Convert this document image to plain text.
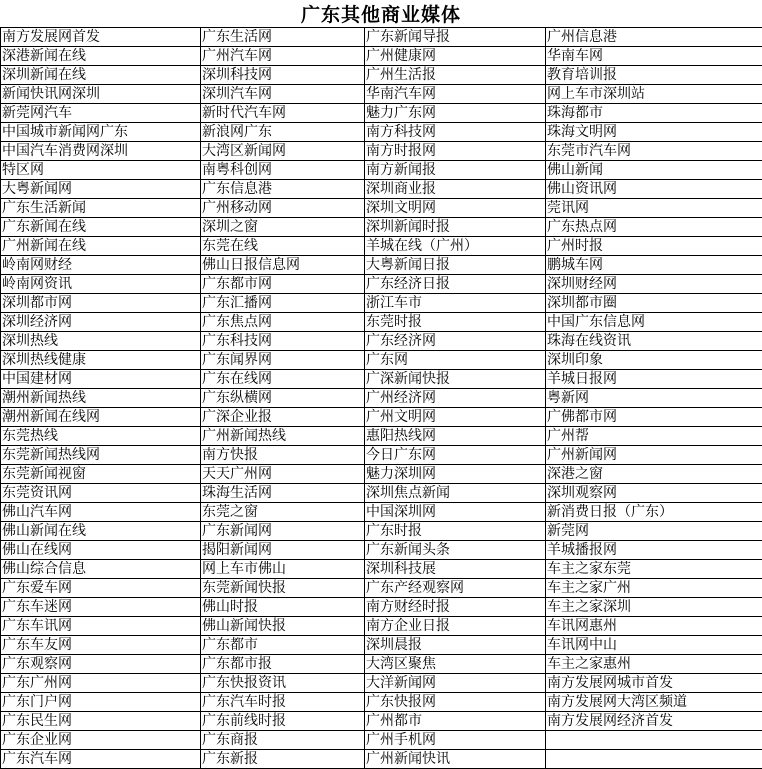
广东其他商业媒体
南方发展网首发	广东生活网	广东新闻导报	广州信息港
深港新闻在线	广州汽车网	广州健康网	华南车网
深圳新闻在线	深圳科技网	广州生活报	教育培训报
新闻快讯网深圳	深圳汽车网	华南汽车网	网上车市深圳站
新莞网汽车	新时代汽车网	魅力广东网	珠海都市
中国城市新闻网广东	新浪网广东	南方科技网	珠海文明网
中国汽车消费网深圳	大湾区新闻网	南方时报网	东莞市汽车网
特区网	南粤科创网	南方新闻报	佛山新闻
大粤新闻网	广东信息港	深圳商业报	佛山资讯网
广东生活新闻	广州移动网	深圳文明网	莞讯网
广东新闻在线	深圳之窗	深圳新闻时报	广东热点网
广州新闻在线	东莞在线	羊城在线（广州）	广州时报
岭南网财经	佛山日报信息网	大粤新闻日报	鹏城车网
岭南网资讯	广东都市网	广东经济日报	深圳财经网
深圳都市网	广东汇播网	浙江车市	深圳都市圈
深圳经济网	广东焦点网	东莞时报	中国广东信息网
深圳热线	广东科技网	广东经济网	珠海在线资讯
深圳热线健康	广东闻界网	广东网	深圳印象
中国建材网	广东在线网	广深新闻快报	羊城日报网
潮州新闻热线	广东纵横网	广州经济网	粤新网
潮州新闻在线网	广深企业报	广州文明网	广佛都市网
东莞热线	广州新闻热线	惠阳热线网	广州帮
东莞新闻热线网	南方快报	今日广东网	广州新闻网
东莞新闻视窗	天天广州网	魅力深圳网	深港之窗
东莞资讯网	珠海生活网	深圳焦点新闻	深圳观察网
佛山汽车网	东莞之窗	中国深圳网	新消费日报（广东）
佛山新闻在线	广东新闻网	广东时报	新莞网
佛山在线网	揭阳新闻网	广东新闻头条	羊城播报网
佛山综合信息	网上车市佛山	深圳科技展	车主之家东莞
广东爱车网	东莞新闻快报	广东产经观察网	车主之家广州
广东车迷网	佛山时报	南方财经时报	车主之家深圳
广东车讯网	佛山新闻快报	南方企业日报	车讯网惠州
广东车友网	广东都市	深圳晨报	车讯网中山
广东观察网	广东都市报	大湾区聚焦	车主之家惠州
广东广州网	广东快报资讯	大洋新闻网	南方发展网城市首发
广东门户网	广东汽车时报	广东快报网	南方发展网大湾区频道
广东民生网	广东前线时报	广州都市	南方发展网经济首发
广东企业网	广东商报	广州手机网	
广东汽车网	广东新报	广州新闻快讯	
